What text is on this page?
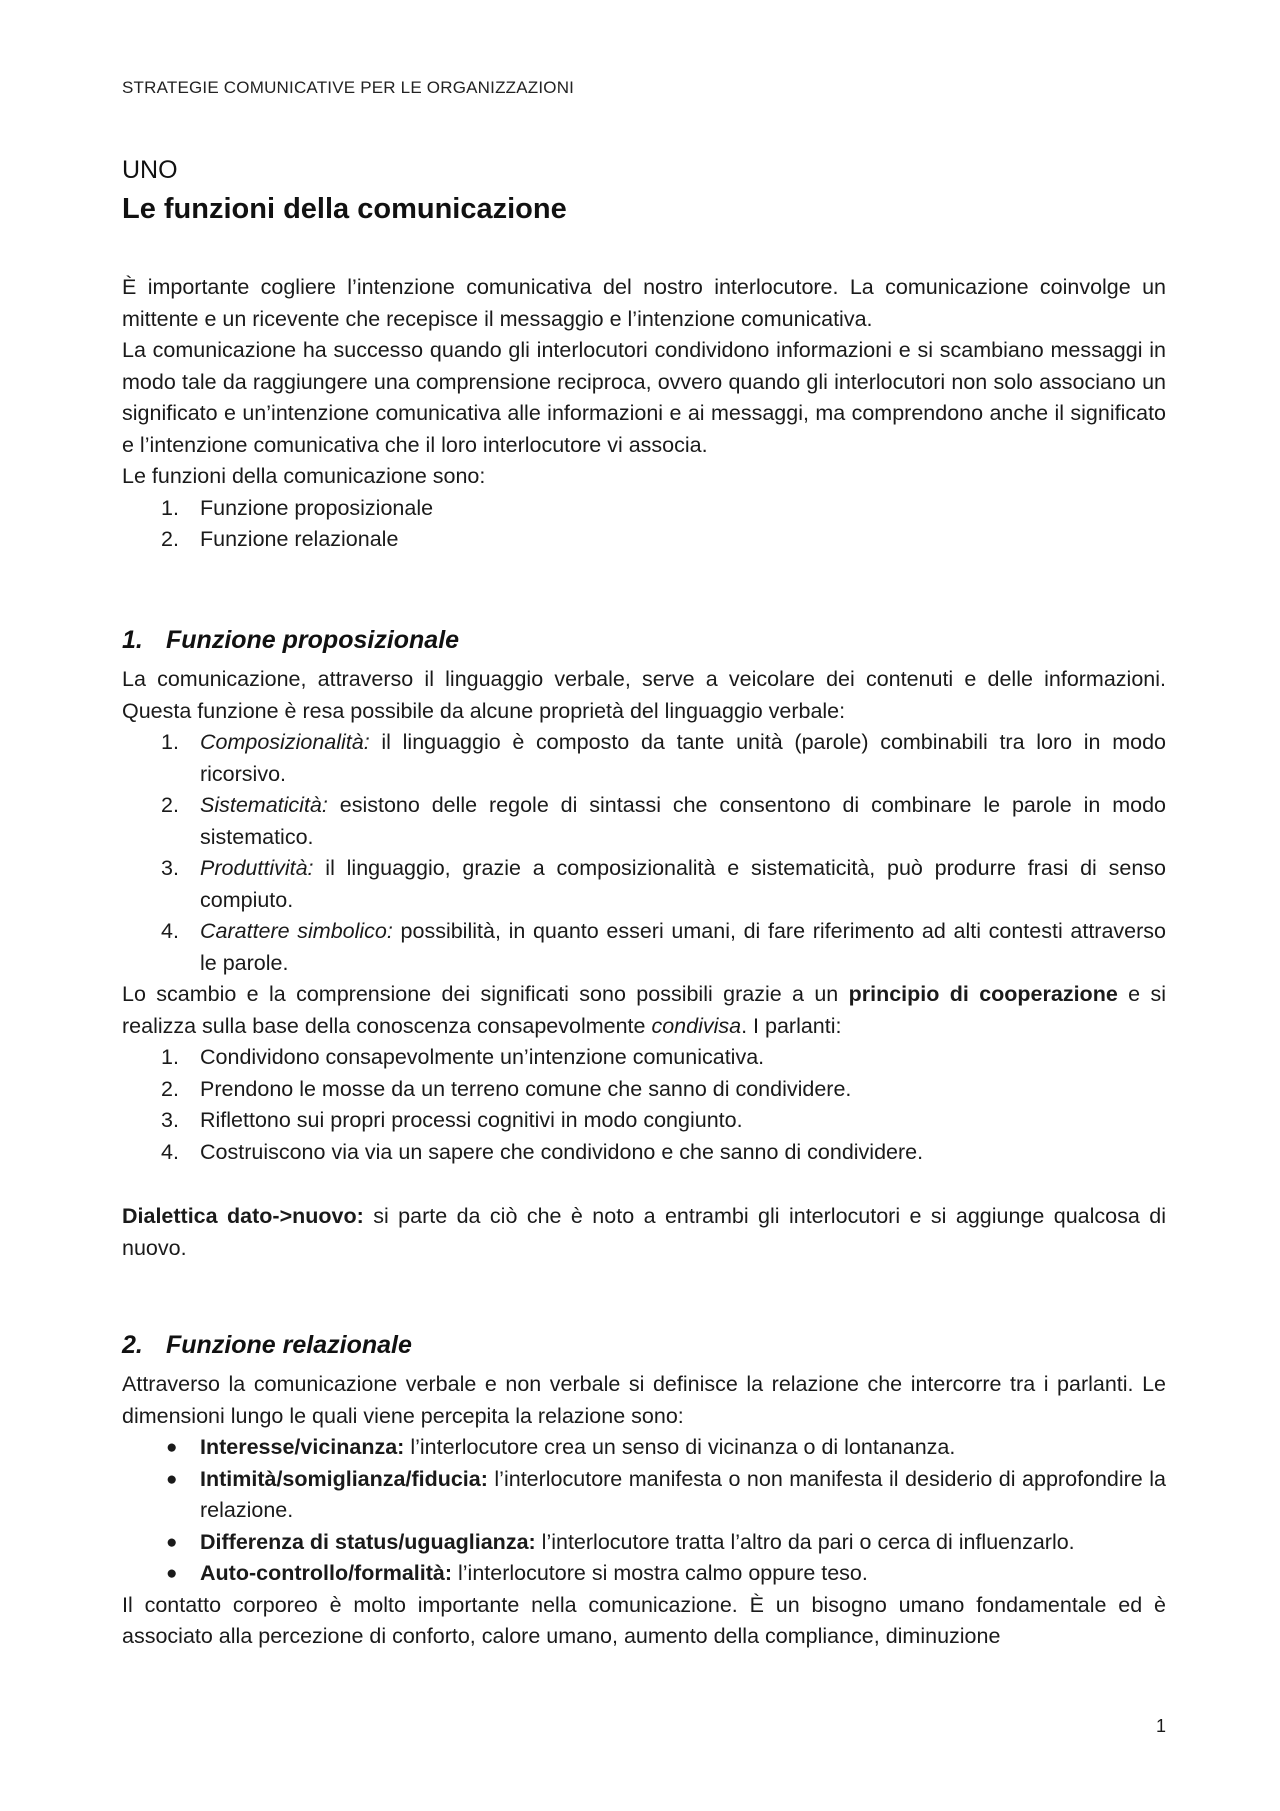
STRATEGIE COMUNICATIVE PER LE ORGANIZZAZIONI
UNO
Le funzioni della comunicazione

È importante cogliere l’intenzione comunicativa del nostro interlocutore. La comunicazione coinvolge un mittente e un ricevente che recepisce il messaggio e l’intenzione comunicativa.

La comunicazione ha successo quando gli interlocutori condividono informazioni e si scambiano messaggi in modo tale da raggiungere una comprensione reciproca, ovvero quando gli interlocutori non solo associano un significato e un’intenzione comunicativa alle informazioni e ai messaggi, ma comprendono anche il significato e l’intenzione comunicativa che il loro interlocutore vi associa.

Le funzioni della comunicazione sono:

1. Funzione proposizionale
2. Funzione relazionale
1. Funzione proposizionale

La comunicazione, attraverso il linguaggio verbale, serve a veicolare dei contenuti e delle informazioni. Questa funzione è resa possibile da alcune proprietà del linguaggio verbale:

1. Composizionalità: il linguaggio è composto da tante unità (parole) combinabili tra loro in modo ricorsivo.
2. Sistematicità: esistono delle regole di sintassi che consentono di combinare le parole in modo sistematico.
3. Produttività: il linguaggio, grazie a composizionalità e sistematicità, può produrre frasi di senso compiuto.
4. Carattere simbolico: possibilità, in quanto esseri umani, di fare riferimento ad alti contesti attraverso le parole.

Lo scambio e la comprensione dei significati sono possibili grazie a un principio di cooperazione e si realizza sulla base della conoscenza consapevolmente condivisa. I parlanti:

1. Condividono consapevolmente un’intenzione comunicativa.
2. Prendono le mosse da un terreno comune che sanno di condividere.
3. Riflettono sui propri processi cognitivi in modo congiunto.
4. Costruiscono via via un sapere che condividono e che sanno di condividere.
Dialettica dato->nuovo: si parte da ciò che è noto a entrambi gli interlocutori e si aggiunge qualcosa di nuovo.
2. Funzione relazionale

Attraverso la comunicazione verbale e non verbale si definisce la relazione che intercorre tra i parlanti. Le dimensioni lungo le quali viene percepita la relazione sono:

● Interesse/vicinanza: l’interlocutore crea un senso di vicinanza o di lontananza.
● Intimità/somiglianza/fiducia: l’interlocutore manifesta o non manifesta il desiderio di approfondire la relazione.
● Differenza di status/uguaglianza: l’interlocutore tratta l’altro da pari o cerca di influenzarlo.
● Auto-controllo/formalità: l’interlocutore si mostra calmo oppure teso.

Il contatto corporeo è molto importante nella comunicazione. È un bisogno umano fondamentale ed è associato alla percezione di conforto, calore umano, aumento della compliance, diminuzione

1
